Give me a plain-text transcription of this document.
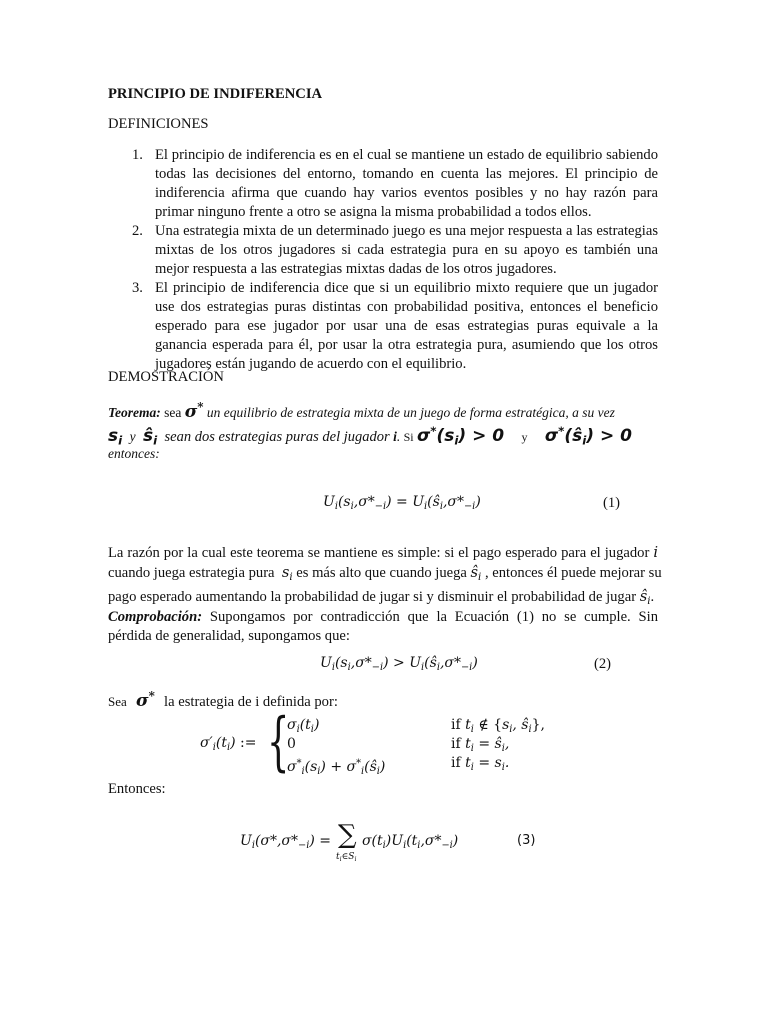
PRINCIPIO DE INDIFERENCIA
DEFINICIONES
1. El principio de indiferencia es en el cual se mantiene un estado de equilibrio sabiendo todas las decisiones del entorno, tomando en cuenta las mejores. El principio de indiferencia afirma que cuando hay varios eventos posibles y no hay razón para primar ninguno frente a otro se asigna la misma probabilidad a todos ellos.
2. Una estrategia mixta de un determinado juego es una mejor respuesta a las estrategias mixtas de los otros jugadores si cada estrategia pura en su apoyo es también una mejor respuesta a las estrategias mixtas dadas de los otros jugadores.
3. El principio de indiferencia dice que si un equilibrio mixto requiere que un jugador use dos estrategias puras distintas con probabilidad positiva, entonces el beneficio esperado para ese jugador por usar una de esas estrategias puras equivale a la ganancia esperada para él, por usar la otra estrategia pura, asumiendo que los otros jugadores están jugando de acuerdo con el equilibrio.
DEMOSTRACIÓN
Teorema: sea σ* un equilibrio de estrategia mixta de un juego de forma estratégica, a su vez
$s_i$ y $ŝ_i$ sean dos estrategias puras del jugador i. Si $\sigma^*(s_i) > 0$ y $\sigma^*(ŝ_i) > 0$
entonces:
$U_i(s_i,\sigma*_{-i})$ = $U_i(ŝ_i,\sigma*_{-i})$	(1)
La razón por la cual este teorema se mantiene es simple: si el pago esperado para el jugador i
cuando juega estrategia pura $s_i$ es más alto que cuando juega $ŝ_i$ , entonces él puede mejorar su
pago esperado aumentando la probabilidad de jugar si y disminuir el probabilidad de jugar $ŝ_i$.
Comprobación: Supongamos por contradicción que la Ecuación (1) no se cumple. Sin pérdida de generalidad, supongamos que:
$U_i(s_i,\sigma*_{-i})$ > $U_i(ŝ_i,\sigma*_{-i})$	(2)
Sea σ* la estrategia de i definida por:
$\sigma'_i(t_i)$ := {
$\sigma_i(t_i)$	if $t_i$ ∉ {$s_i$, $ŝ_i$},
0	if $t_i$ = $ŝ_i$,
$\sigma^*_i(s_i)$ + $\sigma^*_i(ŝ_i)$	if $t_i = s_i$.
Entonces:
$U_i(\sigma*,\sigma*_{-i})$ = ∑
$t_i\in S_i$
$\sigma(t_i)U_i(t_i,\sigma*_{-i})$	(3)
